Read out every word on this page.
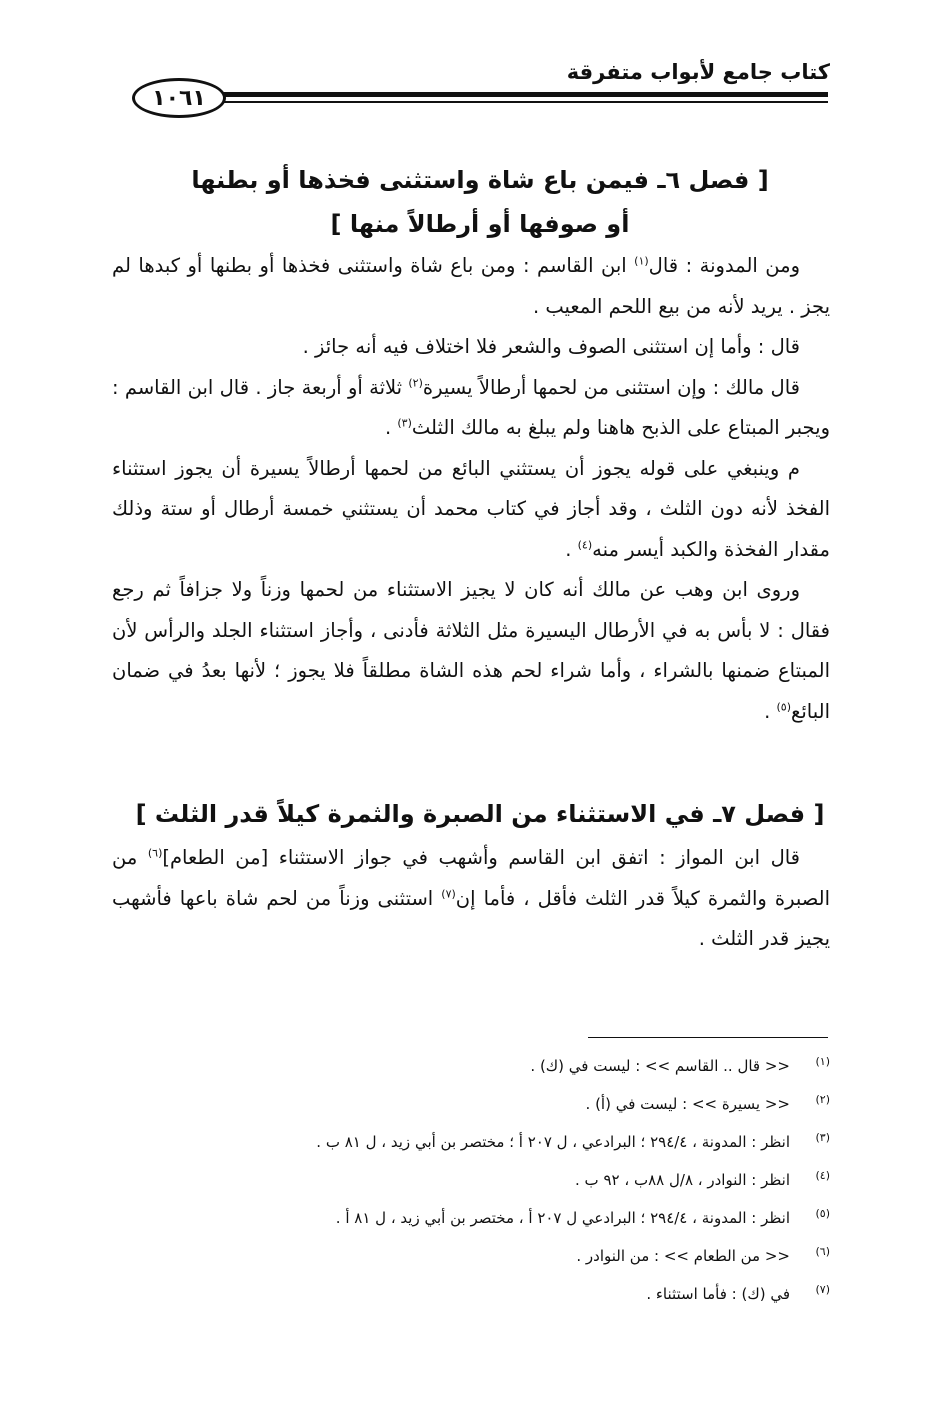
كتاب جامع لأبواب متفرقة
١٠٦١

[ فصل ٦ـ فيمن باع شاة واستثنى فخذها أو بطنها

أو صوفها أو أرطالاً منها ]

ومن المدونة : قال$^{(١)}$ ابن القاسم : ومن باع شاة واستثنى فخذها أو بطنها أو كبدها لم يجز . يريد لأنه من بيع اللحم المعيب .

قال : وأما إن استثنى الصوف والشعر فلا اختلاف فيه أنه جائز .

قال مالك : وإن استثنى من لحمها أرطالاً يسيرة$^{(٢)}$ ثلاثة أو أربعة جاز . قال ابن القاسم : ويجبر المبتاع على الذبح هاهنا ولم يبلغ به مالك الثلث$^{(٣)}$ .

م وينبغي على قوله يجوز أن يستثني البائع من لحمها أرطالاً يسيرة أن يجوز استثناء الفخذ لأنه دون الثلث ، وقد أجاز في كتاب محمد أن يستثني خمسة أرطال أو ستة وذلك مقدار الفخذة والكبد أيسر منه$^{(٤)}$ .

وروى ابن وهب عن مالك أنه كان لا يجيز الاستثناء من لحمها وزناً ولا جزافاً ثم رجع فقال : لا بأس به في الأرطال اليسيرة مثل الثلاثة فأدنى ، وأجاز استثناء الجلد والرأس لأن المبتاع ضمنها بالشراء ، وأما شراء لحم هذه الشاة مطلقاً فلا يجوز ؛ لأنها بعدُ في ضمان البائع$^{(٥)}$ .

[ فصل ٧ـ في الاستثناء من الصبرة والثمرة كيلاً قدر الثلث ]

قال ابن المواز : اتفق ابن القاسم وأشهب في جواز الاستثناء [من الطعام]$^{(٦)}$ من الصبرة والثمرة كيلاً قدر الثلث فأقل ، فأما إن$^{(٧)}$ استثنى وزناً من لحم شاة باعها فأشهب يجيز قدر الثلث .

(١)<< قال .. القاسم >> : ليست في (ك) .
(٢)<< يسيرة >> : ليست في (أ) .
(٣)انظر : المدونة ، ٢٩٤/٤ ؛ البرادعي ، ل ٢٠٧ أ ؛ مختصر بن أبي زيد ، ل ٨١ ب .
(٤)انظر : النوادر ، ٨/ل ٨٨ب ، ٩٢ ب .
(٥)انظر : المدونة ، ٢٩٤/٤ ؛ البرادعي ل ٢٠٧ أ ، مختصر بن أبي زيد ، ل ٨١ أ .
(٦)<< من الطعام >> : من النوادر .
(٧)في (ك) : فأما استثناء .
